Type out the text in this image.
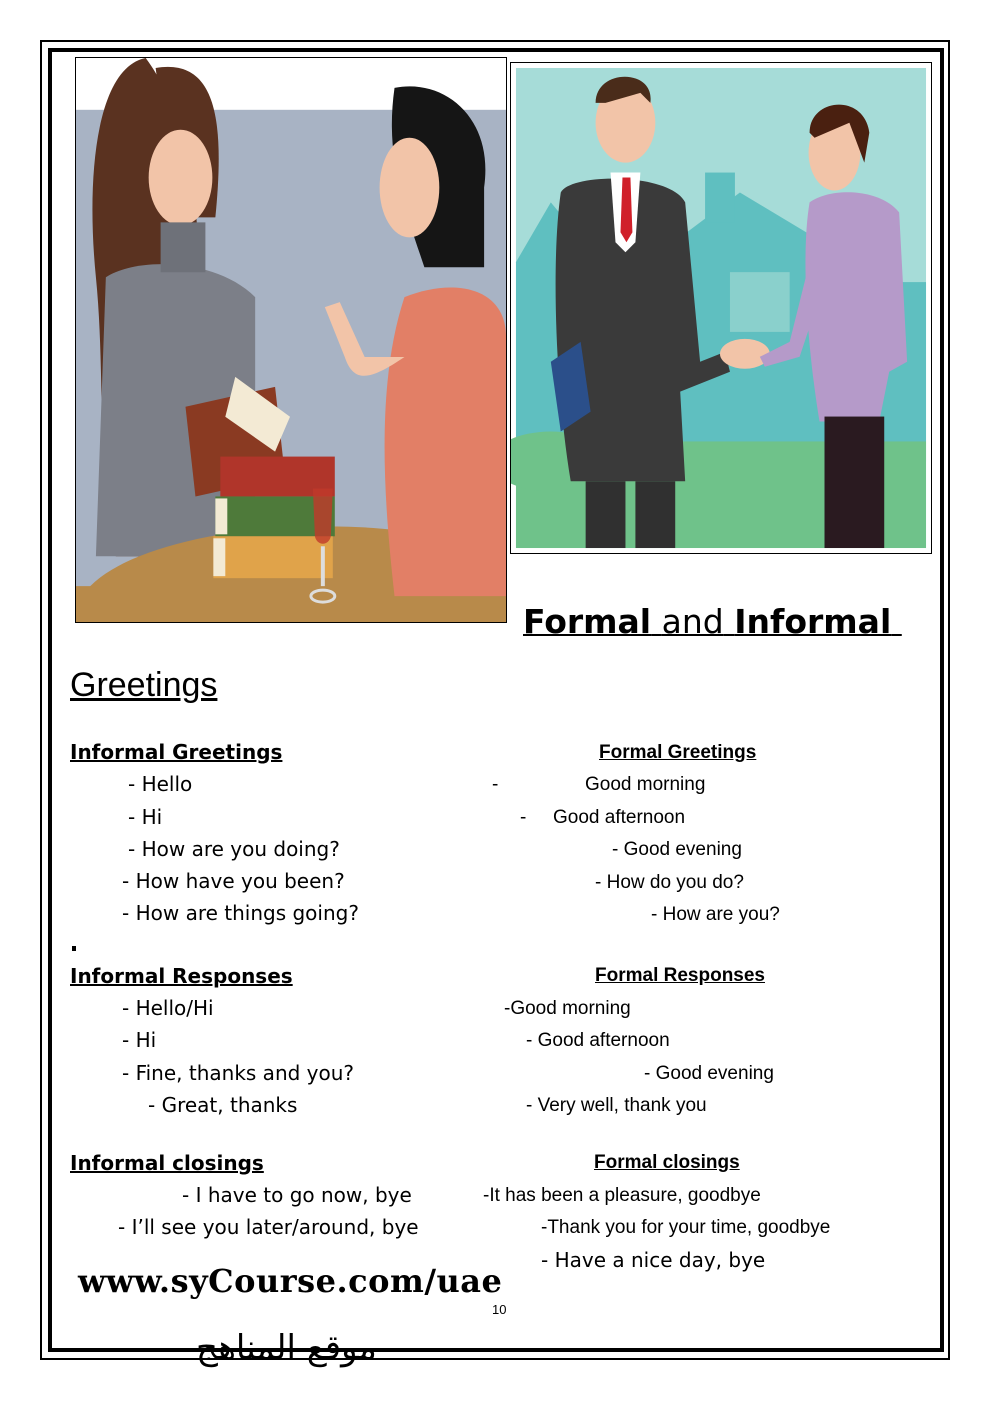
Formal and Informal
Greetings
Informal Greetings
- Hello
- Hi
- How are you doing?
- How have you been?
- How are things going?
Formal Greetings
-	Good morning
- Good afternoon
- Good evening
- How do you do?
- How are you?
Informal Responses
- Hello/Hi
- Hi
- Fine, thanks and you?
- Great, thanks
Formal Responses
-Good morning
- Good afternoon
- Good evening
- Very well, thank you
Informal closings
- I have to go now, bye
- I’ll see you later/around, bye
Formal closings
-It has been a pleasure, goodbye
-Thank you for your time, goodbye
- Have a nice day, bye
www.syCourse.com/uae
10
موقع المناهج
